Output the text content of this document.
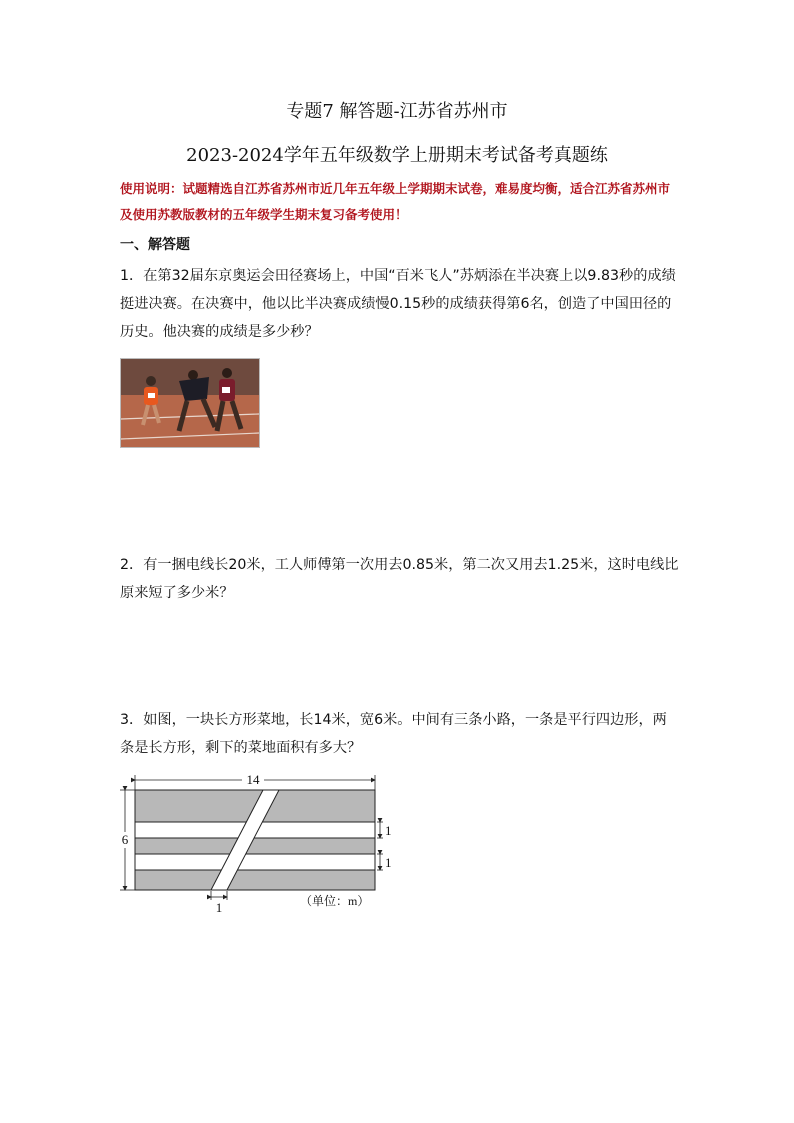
专题7 解答题-江苏省苏州市
2023-2024学年五年级数学上册期末考试备考真题练
使用说明：试题精选自江苏省苏州市近几年五年级上学期期末试卷，难易度均衡，适合江苏省苏州市及使用苏教版教材的五年级学生期末复习备考使用！
一、解答题
1．在第32届东京奥运会田径赛场上，中国“百米飞人”苏炳添在半决赛上以9.83秒的成绩挺进决赛。在决赛中，他以比半决赛成绩慢0.15秒的成绩获得第6名，创造了中国田径的历史。他决赛的成绩是多少秒？
2．有一捆电线长20米，工人师傅第一次用去0.85米，第二次又用去1.25米，这时电线比原来短了多少米？
3．如图，一块长方形菜地，长14米，宽6米。中间有三条小路，一条是平行四边形，两条是长方形，剩下的菜地面积有多大？
14
6
1
1
1	（单位：m）
